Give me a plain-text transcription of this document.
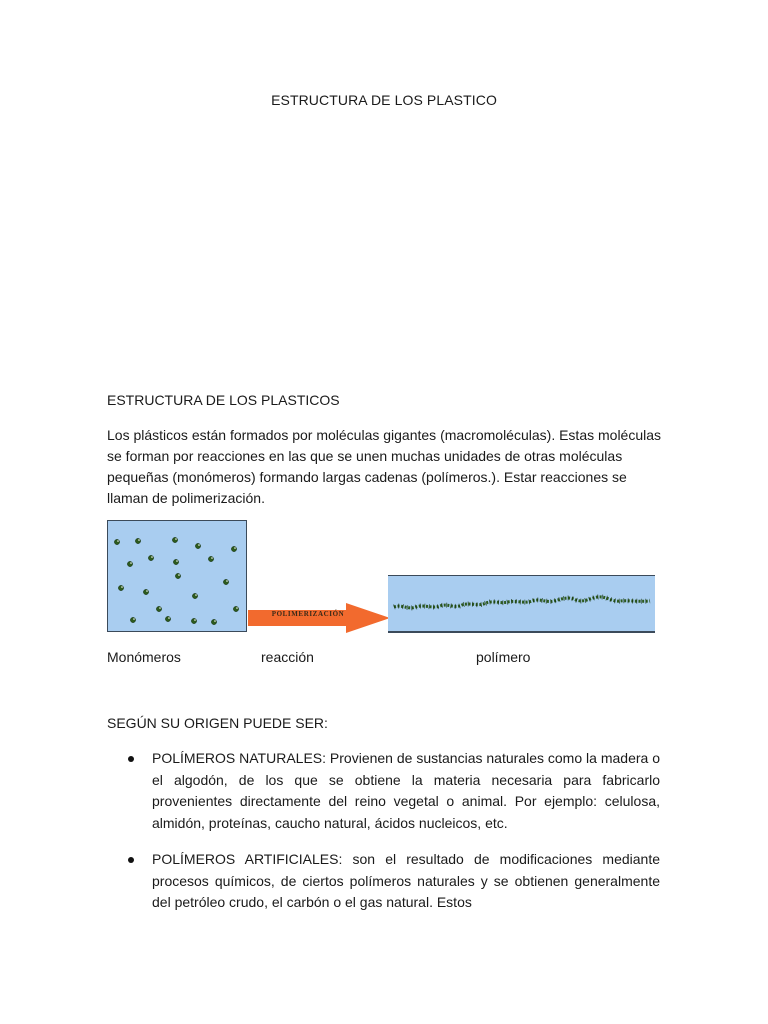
ESTRUCTURA DE LOS PLASTICO
ESTRUCTURA DE LOS PLASTICOS
Los plásticos están formados por moléculas gigantes (macromoléculas). Estas moléculas se forman por reacciones en las que se unen muchas unidades de otras moléculas pequeñas (monómeros) formando largas cadenas (polímeros.). Estar reacciones se llaman de polimerización.
POLIMERIZACIÓN
Monómeros	reacción	polímero
SEGÚN SU ORIGEN PUEDE SER:
POLÍMEROS NATURALES: Provienen de sustancias naturales como la madera o el algodón, de los que se obtiene la materia necesaria para fabricarlo provenientes directamente del reino vegetal o animal. Por ejemplo: celulosa, almidón, proteínas, caucho natural, ácidos nucleicos, etc.
POLÍMEROS ARTIFICIALES: son el resultado de modificaciones mediante procesos químicos, de ciertos polímeros naturales y se obtienen generalmente del petróleo crudo, el carbón o el gas natural. Estos
